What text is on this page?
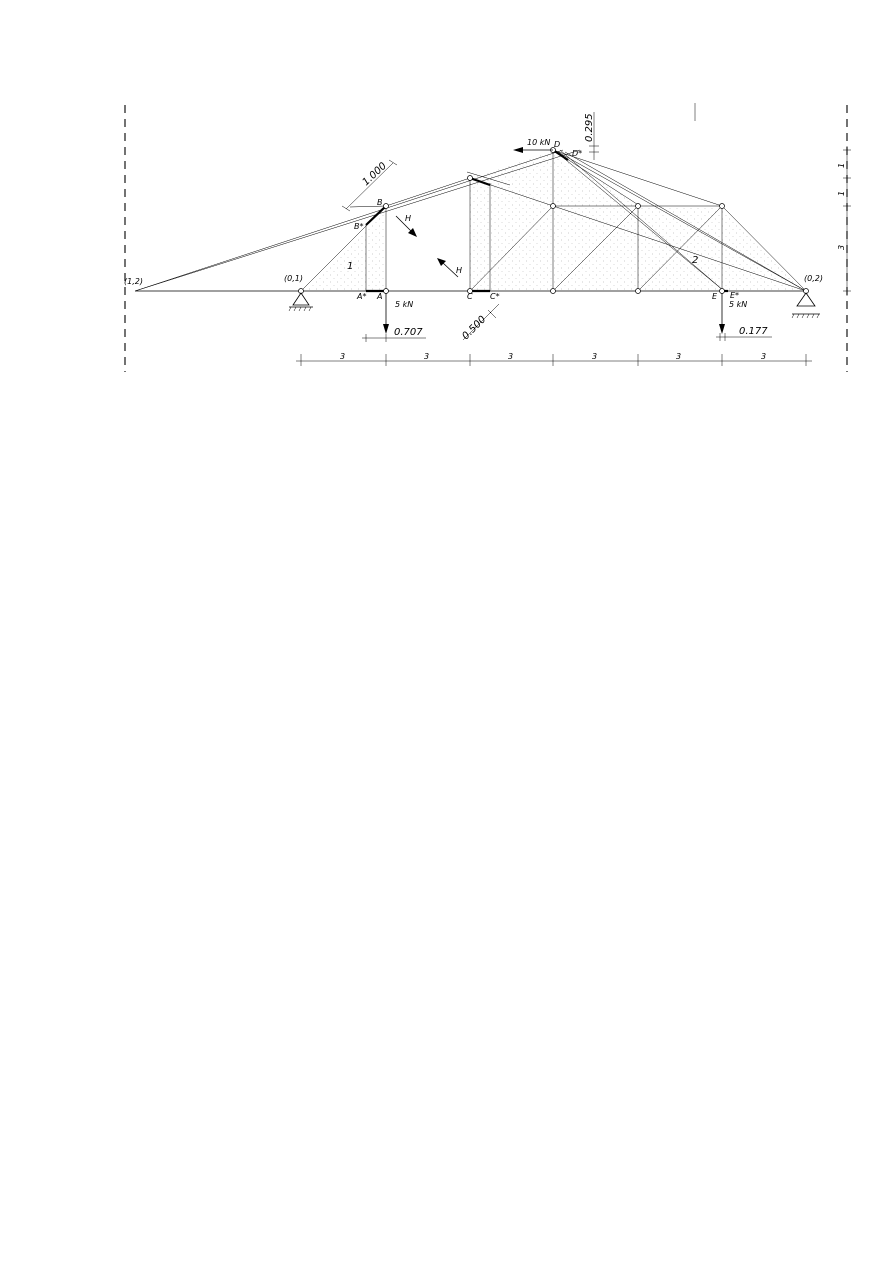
(1,2)	(0,1)	(0,2)
A
A*
B
B*
C C*
D
D*
E E*
5 kN	5 kN
10 kN
H
H
1.000
0.707	0.500
0.295
0.177
1
2
3	3	3	3	3	3
1
1
3
